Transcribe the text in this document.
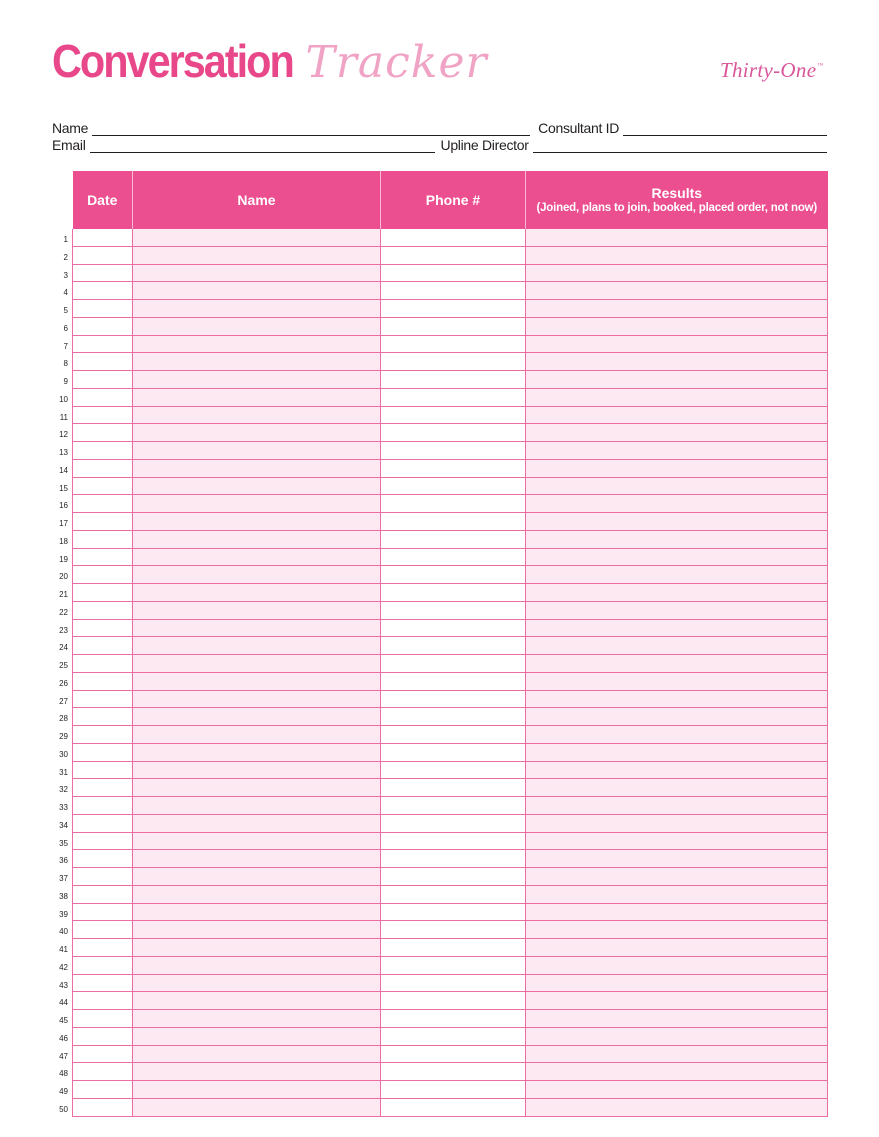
Conversation Tracker	Thirty-One™
Name	Consultant ID
Email	Upline Director
Date	Name	Phone #	Results
(Joined, plans to join, booked, placed order, not now)

1
2
3
4
5
6
7
8
9
10
11
12
13
14
15
16
17
18
19
20
21
22
23
24
25
26
27
28
29
30
31
32
33
34
35
36
37
38
39
40
41
42
43
44
45
46
47
48
49
50
